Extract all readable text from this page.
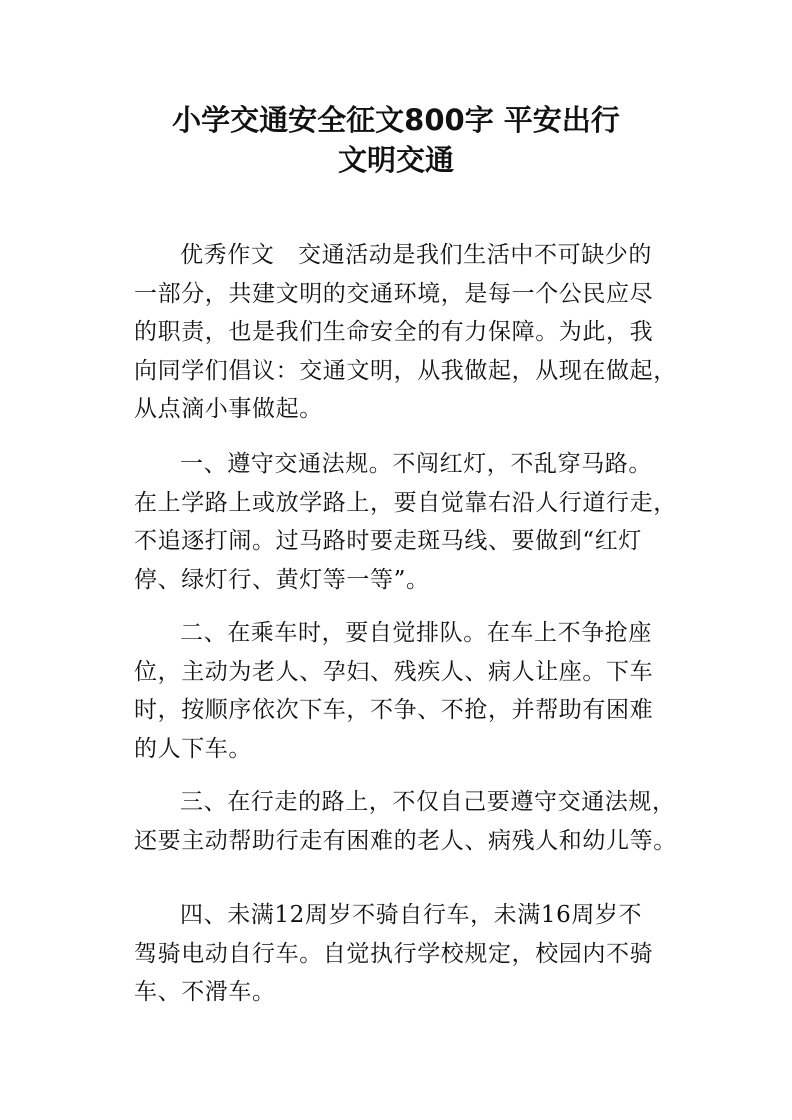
小学交通安全征文800字 平安出行
文明交通
优秀作文　交通活动是我们生活中不可缺少的
一部分，共建文明的交通环境，是每一个公民应尽
的职责，也是我们生命安全的有力保障。为此，我
向同学们倡议：交通文明，从我做起，从现在做起，
从点滴小事做起。
一、遵守交通法规。不闯红灯，不乱穿马路。
在上学路上或放学路上，要自觉靠右沿人行道行走，
不追逐打闹。过马路时要走斑马线、要做到“红灯
停、绿灯行、黄灯等一等”。
二、在乘车时，要自觉排队。在车上不争抢座
位，主动为老人、孕妇、残疾人、病人让座。下车
时，按顺序依次下车，不争、不抢，并帮助有困难
的人下车。
三、在行走的路上，不仅自己要遵守交通法规，
还要主动帮助行走有困难的老人、病残人和幼儿等。
四、未满12周岁不骑自行车，未满16周岁不
驾骑电动自行车。自觉执行学校规定，校园内不骑
车、不滑车。
